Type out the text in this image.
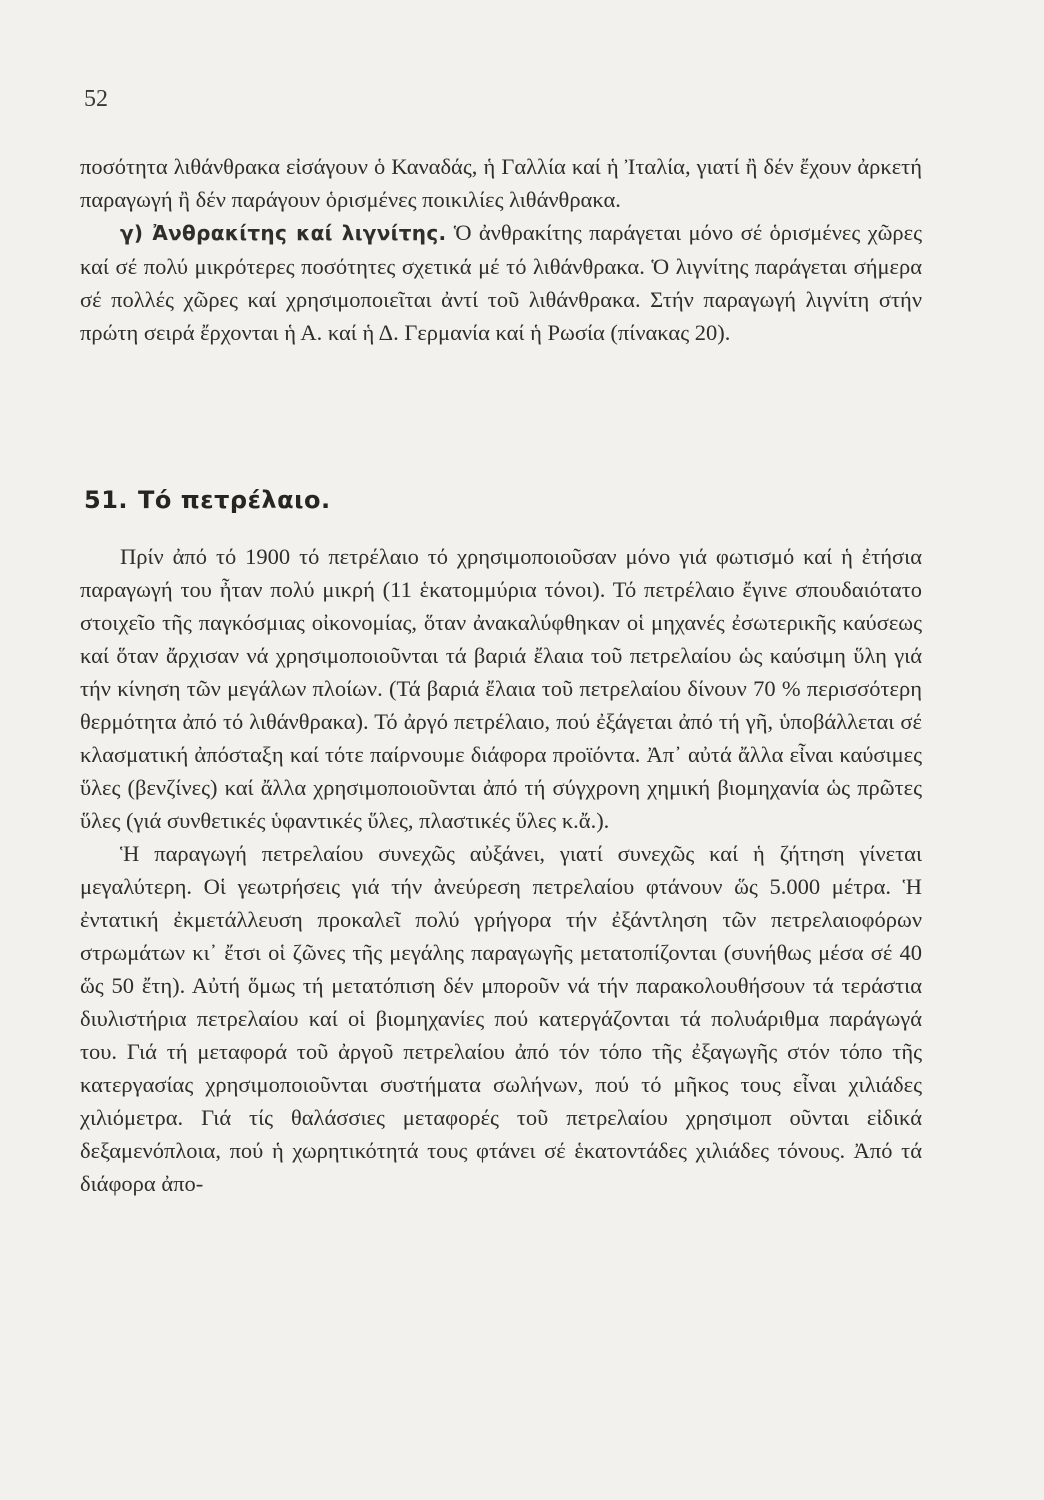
52

ποσότητα λιθάνθρακα εἰσάγουν ὁ Καναδάς, ἡ Γαλλία καί ἡ Ἰταλία, γιατί ἢ δέν ἔχουν ἀρκετή παραγωγή ἢ δέν παράγουν ὁρισμένες ποικιλίες λιθάνθρακα.

γ) Ἀνθρακίτης καί λιγνίτης. Ὁ ἀνθρακίτης παράγεται μόνο σέ ὁρισμένες χῶρες καί σέ πολύ μικρότερες ποσότητες σχετικά μέ τό λιθάνθρακα. Ὁ λιγνίτης παράγεται σήμερα σέ πολλές χῶρες καί χρησιμοποιεῖται ἀντί τοῦ λιθάνθρακα. Στήν παραγωγή λιγνίτη στήν πρώτη σειρά ἔρχονται ἡ Α. καί ἡ Δ. Γερμανία καί ἡ Ρωσία (πίνακας 20).

51. Τό πετρέλαιο.

Πρίν ἀπό τό 1900 τό πετρέλαιο τό χρησιμοποιοῦσαν μόνο γιά φωτισμό καί ἡ ἐτήσια παραγωγή του ἦταν πολύ μικρή (11 ἑκατομμύρια τόνοι). Τό πετρέλαιο ἔγινε σπουδαιότατο στοιχεῖο τῆς παγκόσμιας οἰκονομίας, ὅταν ἀνακαλύφθηκαν οἱ μηχανές ἐσωτερικῆς καύσεως καί ὅταν ἄρχισαν νά χρησιμοποιοῦνται τά βαριά ἔλαια τοῦ πετρελαίου ὡς καύσιμη ὕλη γιά τήν κίνηση τῶν μεγάλων πλοίων. (Τά βαριά ἔλαια τοῦ πετρελαίου δίνουν 70 % περισσότερη θερμότητα ἀπό τό λιθάνθρακα). Τό ἀργό πετρέλαιο, πού ἐξάγεται ἀπό τή γῆ, ὑποβάλλεται σέ κλασματική ἀπόσταξη καί τότε παίρνουμε διάφορα προϊόντα. Ἀπ᾽ αὐτά ἄλλα εἶναι καύσιμες ὕλες (βενζίνες) καί ἄλλα χρησιμοποιοῦνται ἀπό τή σύγχρονη χημική βιομηχανία ὡς πρῶτες ὕλες (γιά συνθετικές ὑφαντικές ὕλες, πλαστικές ὕλες κ.ἄ.).

Ἡ παραγωγή πετρελαίου συνεχῶς αὐξάνει, γιατί συνεχῶς καί ἡ ζήτηση γίνεται μεγαλύτερη. Οἱ γεωτρήσεις γιά τήν ἀνεύρεση πετρελαίου φτάνουν ὥς 5.000 μέτρα. Ἡ ἐντατική ἐκμετάλλευση προκαλεῖ πολύ γρήγορα τήν ἐξάντληση τῶν πετρελαιοφόρων στρωμάτων κι᾽ ἔτσι οἱ ζῶνες τῆς μεγάλης παραγωγῆς μετατοπίζονται (συνήθως μέσα σέ 40 ὥς 50 ἔτη). Αὐτή ὅμως τή μετατόπιση δέν μποροῦν νά τήν παρακολουθήσουν τά τεράστια διυλιστήρια πετρελαίου καί οἱ βιομηχανίες πού κατεργάζονται τά πολυάριθμα παράγωγά του. Γιά τή μεταφορά τοῦ ἀργοῦ πετρελαίου ἀπό τόν τόπο τῆς ἐξαγωγῆς στόν τόπο τῆς κατεργασίας χρησιμοποιοῦνται συστήματα σωλήνων, πού τό μῆκος τους εἶναι χιλιάδες χιλιόμετρα. Γιά τίς θαλάσσιες μεταφορές τοῦ πετρελαίου χρησιμοπ οῦνται εἰδικά δεξαμενόπλοια, πού ἡ χωρητικότητά τους φτάνει σέ ἑκατοντάδες χιλιάδες τόνους. Ἀπό τά διάφορα ἀπο-
